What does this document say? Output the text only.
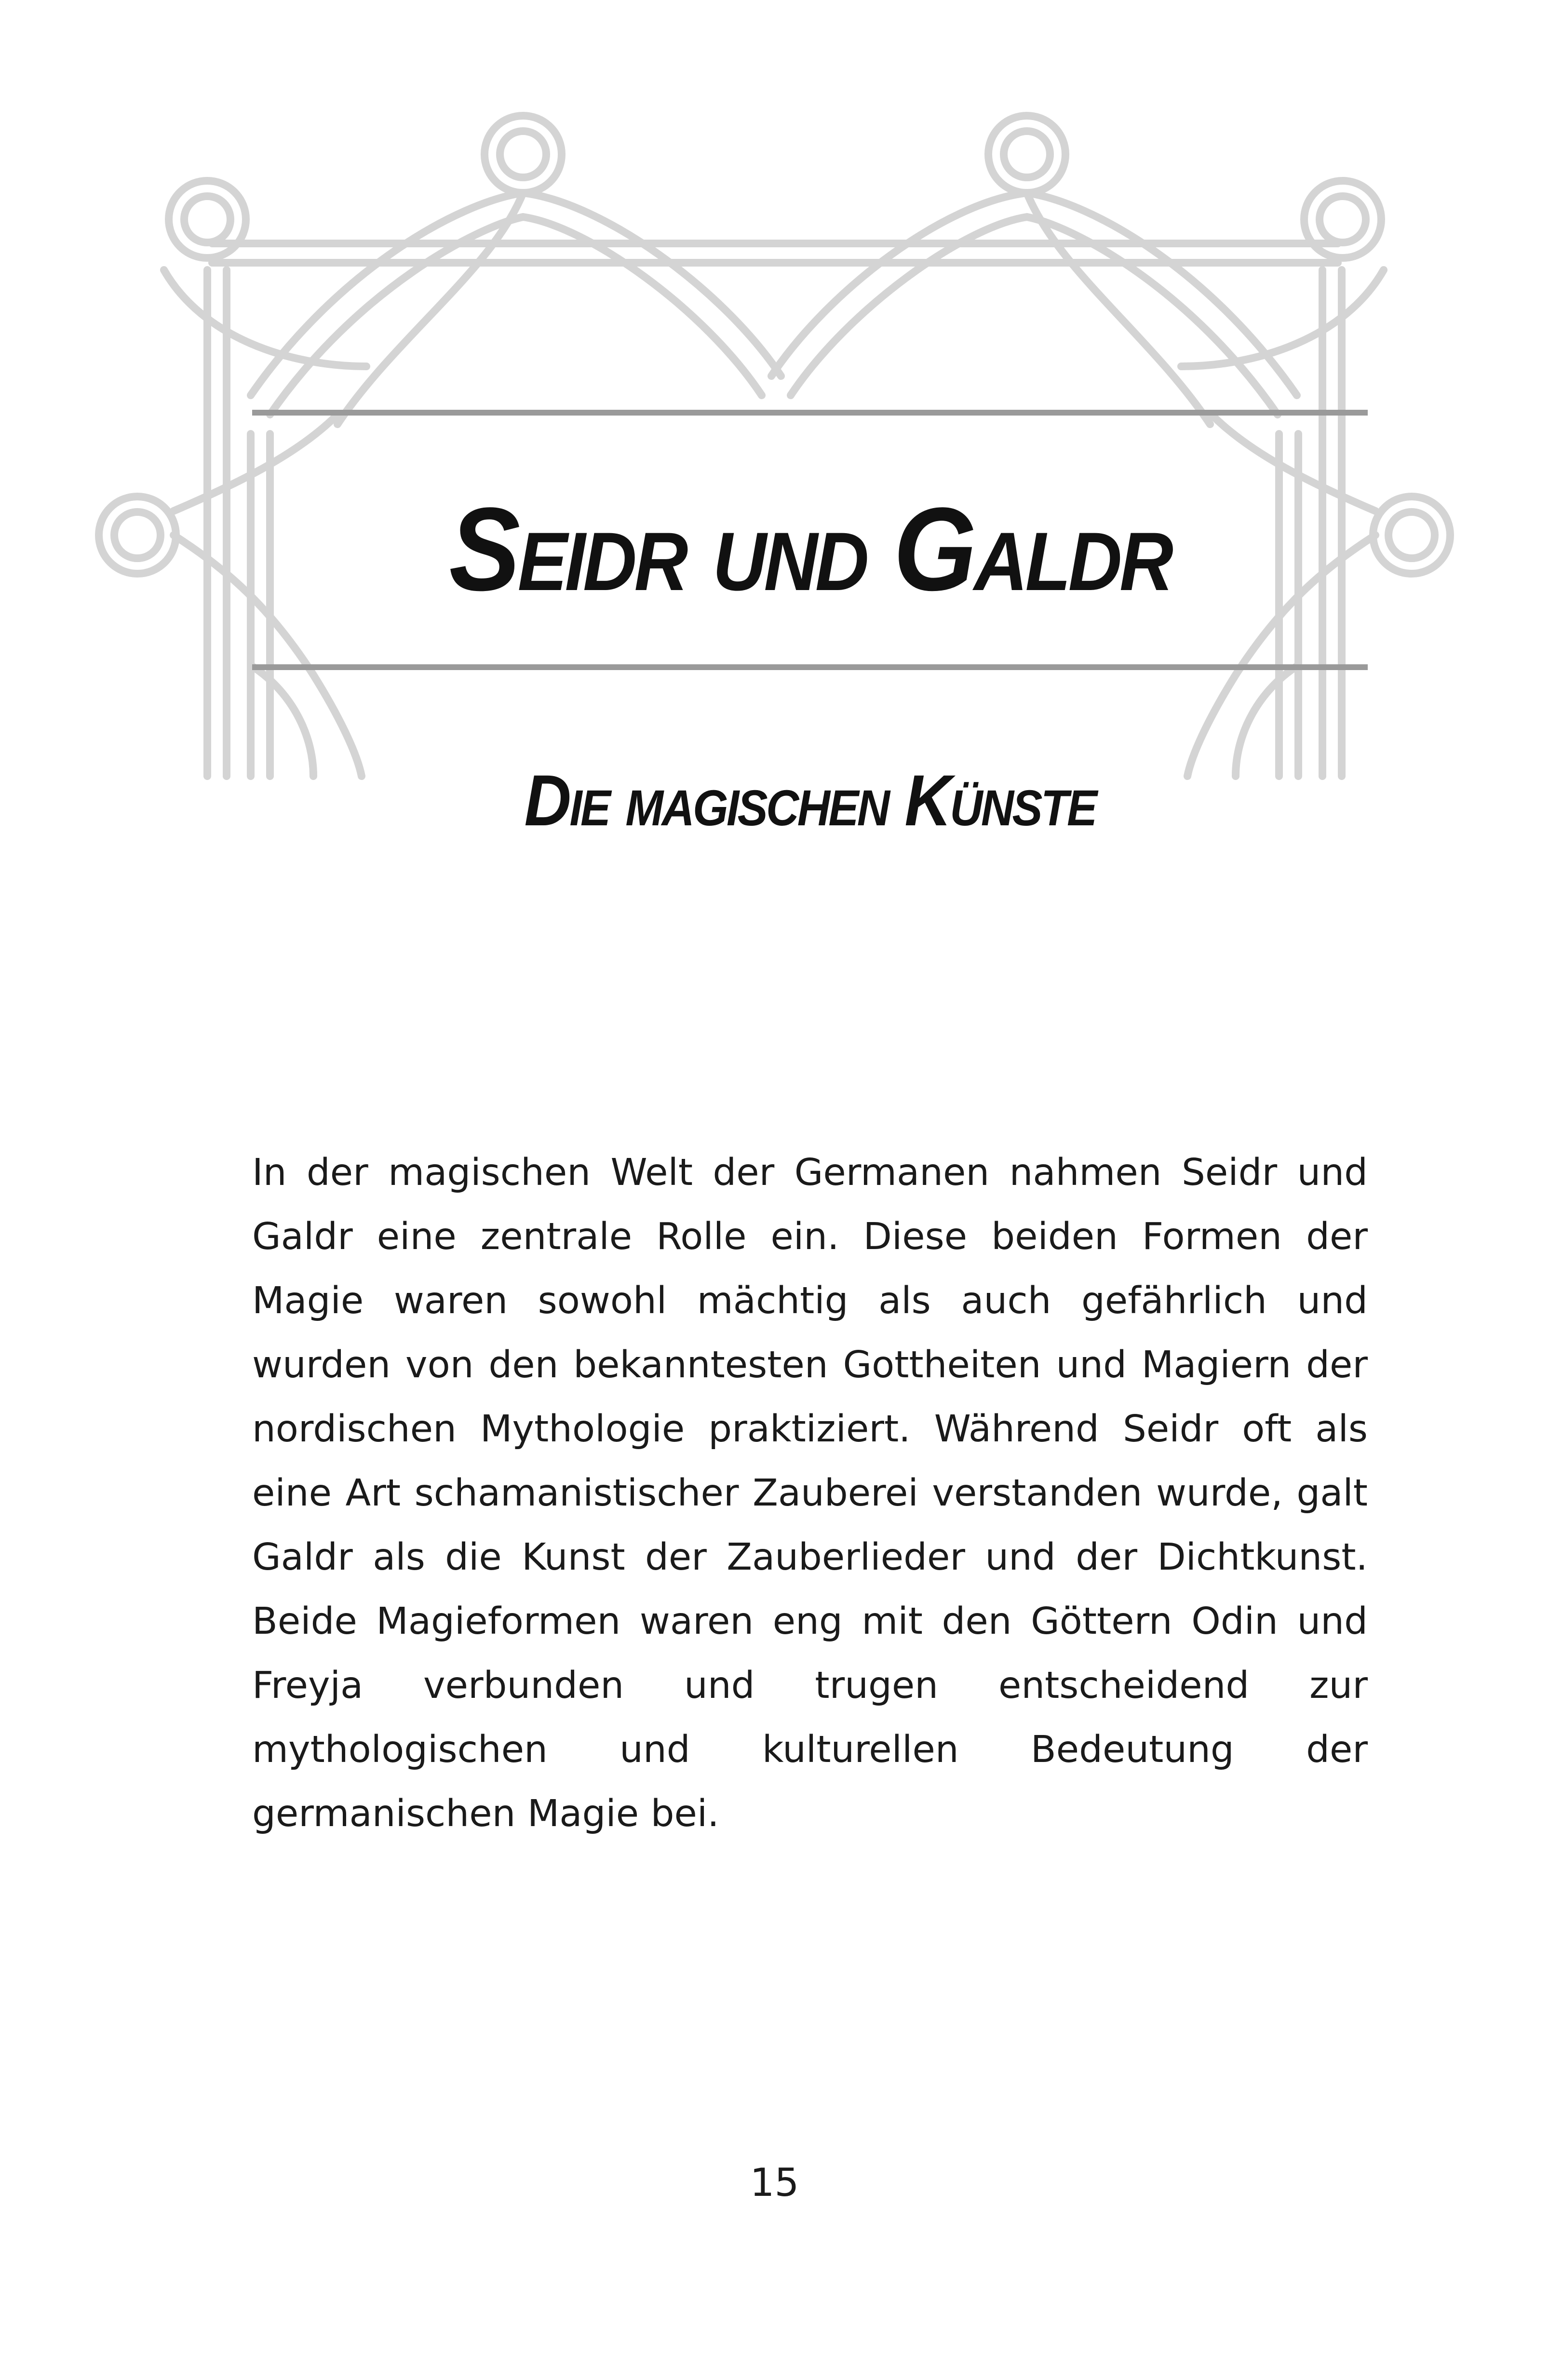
Seidr und Galdr
Die magischen Künste

In der magischen Welt der Germanen nahmen Seidr und Galdr eine zentrale Rolle ein. Diese beiden Formen der Magie waren sowohl mächtig als auch gefährlich und wurden von den bekanntesten Gottheiten und Magiern der nordischen Mythologie praktiziert. Während Seidr oft als eine Art schamanistischer Zauberei verstanden wurde, galt Galdr als die Kunst der Zauberlieder und der Dichtkunst. Beide Magieformen waren eng mit den Göttern Odin und Freyja verbunden und trugen entscheidend zur mythologischen und kulturellen Bedeutung der germanischen Magie bei.

15
